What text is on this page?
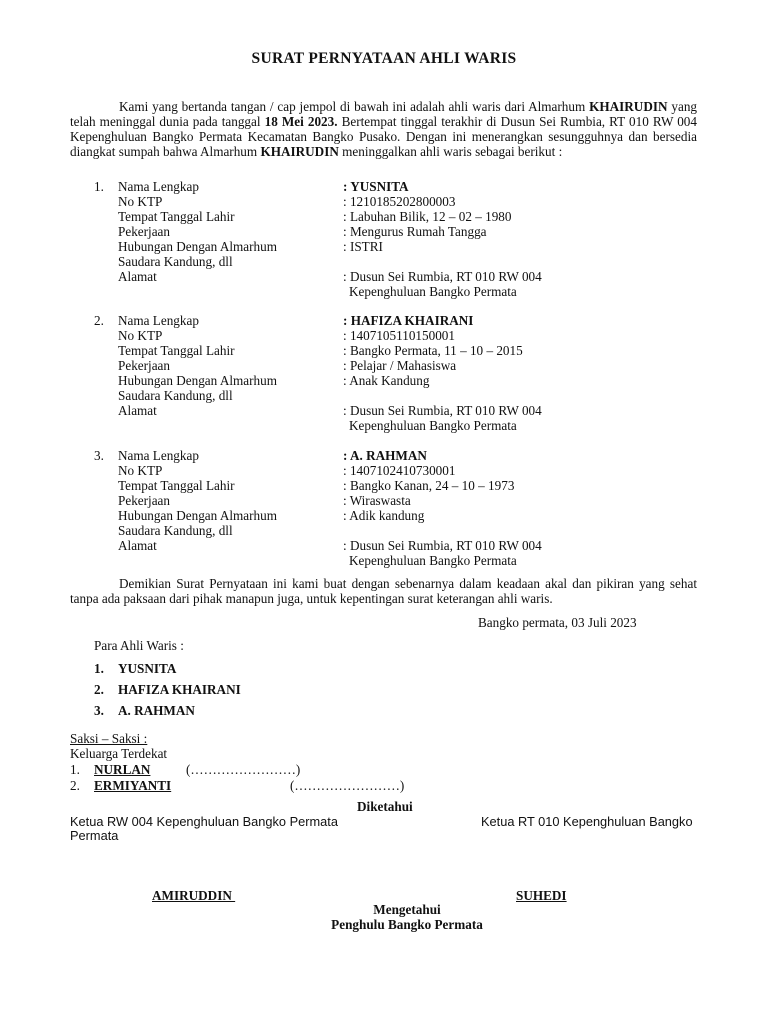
SURAT PERNYATAAN AHLI WARIS
Kami yang bertanda tangan / cap jempol di bawah ini adalah ahli waris dari Almarhum KHAIRUDIN yang telah meninggal dunia pada tanggal 18 Mei 2023. Bertempat tinggal terakhir di Dusun Sei Rumbia, RT 010 RW 004 Kepenghuluan Bangko Permata Kecamatan Bangko Pusako. Dengan ini menerangkan sesungguhnya dan bersedia diangkat sumpah bahwa Almarhum KHAIRUDIN meninggalkan ahli waris sebagai berikut :
1. Nama Lengkap	: YUSNITA
No KTP	: 1210185202800003
Tempat Tanggal Lahir	: Labuhan Bilik, 12 – 02 – 1980
Pekerjaan	: Mengurus Rumah Tangga
Hubungan Dengan Almarhum	: ISTRI
Saudara Kandung, dll
Alamat	: Dusun Sei Rumbia, RT 010 RW 004
Kepenghuluan Bangko Permata
2. Nama Lengkap	: HAFIZA KHAIRANI
No KTP	: 1407105110150001
Tempat Tanggal Lahir	: Bangko Permata, 11 – 10 – 2015
Pekerjaan	: Pelajar / Mahasiswa
Hubungan Dengan Almarhum	: Anak Kandung
Saudara Kandung, dll
Alamat	: Dusun Sei Rumbia, RT 010 RW 004
Kepenghuluan Bangko Permata
3. Nama Lengkap	: A. RAHMAN
No KTP	: 1407102410730001
Tempat Tanggal Lahir	: Bangko Kanan, 24 – 10 – 1973
Pekerjaan	: Wiraswasta
Hubungan Dengan Almarhum	: Adik kandung
Saudara Kandung, dll
Alamat	: Dusun Sei Rumbia, RT 010 RW 004
Kepenghuluan Bangko Permata
Demikian Surat Pernyataan ini kami buat dengan sebenarnya dalam keadaan akal dan pikiran yang sehat tanpa ada paksaan dari pihak manapun juga, untuk kepentingan surat keterangan ahli waris.
Bangko permata, 03 Juli 2023
Para Ahli Waris :
1. YUSNITA
2. HAFIZA KHAIRANI
3. A. RAHMAN
Saksi – Saksi :
Keluarga Terdekat
1. NURLAN	(……………………)
2. ERMIYANTI	(……………………)
Diketahui
Ketua RW 004 Kepenghuluan Bangko Permata
Permata
Ketua RT 010 Kepenghuluan Bangko
AMIRUDDIN	SUHEDI
Mengetahui
Penghulu Bangko Permata
